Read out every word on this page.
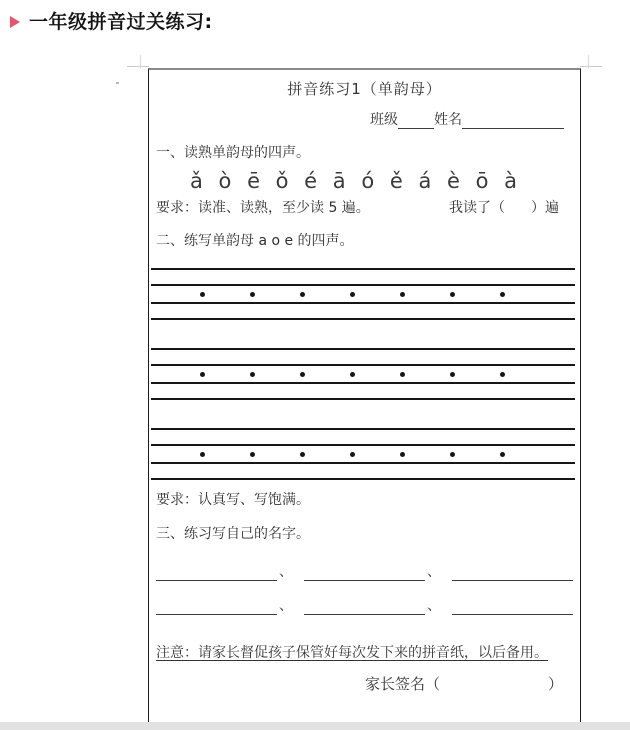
一年级拼音过关练习:
拼音练习1（单韵母）
班级	姓名
一、读熟单韵母的四声。
ǎ ò ē ǒ é ā ó ě á è ō à
要求：读准、读熟，至少读 5 遍。	我读了（ ）遍
二、练写单韵母 a o e 的四声。
要求：认真写、写饱满。
三、练习写自己的名字。
、	、
、	、
注意：请家长督促孩子保管好每次发下来的拼音纸，以后备用。
家长签名（	）
